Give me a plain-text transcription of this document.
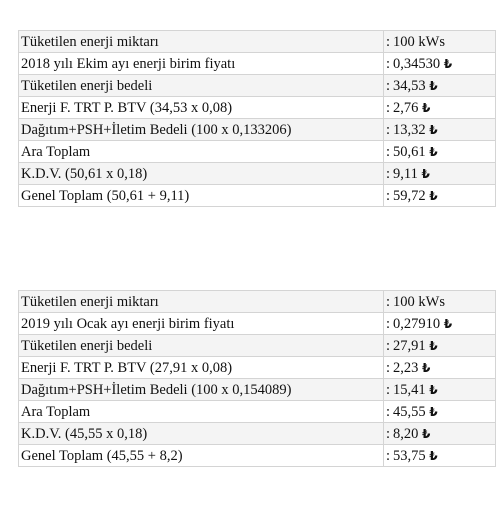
Tüketilen enerji miktarı	: 100 kWs
2018 yılı Ekim ayı enerji birim fiyatı	: 0,34530 ₺
Tüketilen enerji bedeli	: 34,53 ₺
Enerji F. TRT P. BTV (34,53 x 0,08)	: 2,76 ₺
Dağıtım+PSH+İletim Bedeli (100 x 0,133206)	: 13,32 ₺
Ara Toplam	: 50,61 ₺
K.D.V. (50,61 x 0,18)	: 9,11 ₺
Genel Toplam (50,61 + 9,11)	: 59,72 ₺
Tüketilen enerji miktarı	: 100 kWs
2019 yılı Ocak ayı enerji birim fiyatı	: 0,27910 ₺
Tüketilen enerji bedeli	: 27,91 ₺
Enerji F. TRT P. BTV (27,91 x 0,08)	: 2,23 ₺
Dağıtım+PSH+İletim Bedeli (100 x 0,154089)	: 15,41 ₺
Ara Toplam	: 45,55 ₺
K.D.V. (45,55 x 0,18)	: 8,20 ₺
Genel Toplam (45,55 + 8,2)	: 53,75 ₺
